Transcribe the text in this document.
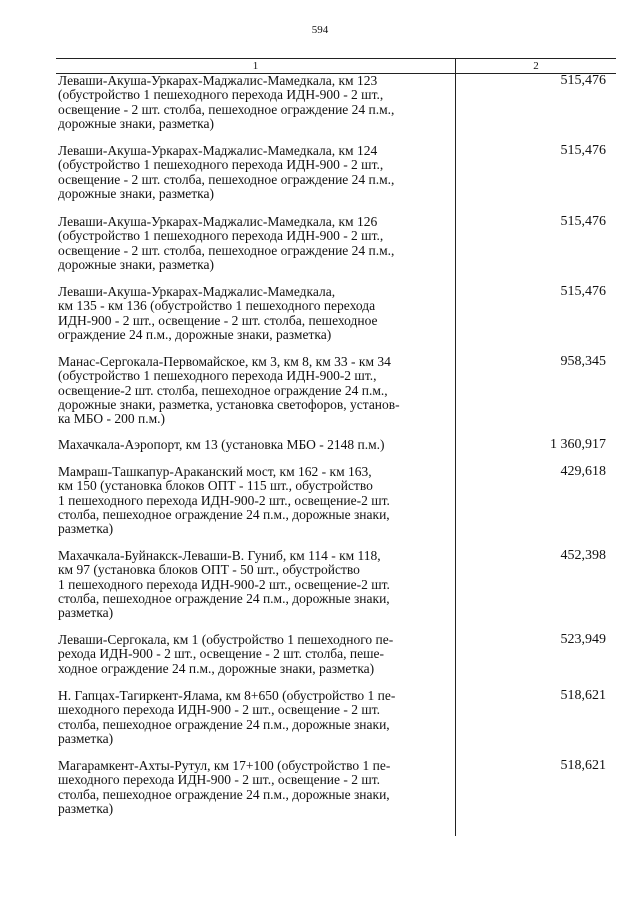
594
1	2
Леваши-Акуша-Уркарах-Маджалис-Мамедкала, км 123
(обустройство 1 пешеходного перехода ИДН-900 - 2 шт.,
освещение - 2 шт. столба, пешеходное ограждение 24 п.м.,
дорожные знаки, разметка)
515,476
Леваши-Акуша-Уркарах-Маджалис-Мамедкала, км 124
(обустройство 1 пешеходного перехода ИДН-900 - 2 шт.,
освещение - 2 шт. столба, пешеходное ограждение 24 п.м.,
дорожные знаки, разметка)
515,476
Леваши-Акуша-Уркарах-Маджалис-Мамедкала, км 126
(обустройство 1 пешеходного перехода ИДН-900 - 2 шт.,
освещение - 2 шт. столба, пешеходное ограждение 24 п.м.,
дорожные знаки, разметка)
515,476
Леваши-Акуша-Уркарах-Маджалис-Мамедкала,
км 135 - км 136 (обустройство 1 пешеходного перехода
ИДН-900 - 2 шт., освещение - 2 шт. столба, пешеходное
ограждение 24 п.м., дорожные знаки, разметка)
515,476
Манас-Сергокала-Первомайское, км 3, км 8, км 33 - км 34
(обустройство 1 пешеходного перехода ИДН-900-2 шт.,
освещение-2 шт. столба, пешеходное ограждение 24 п.м.,
дорожные знаки, разметка, установка светофоров, установ-
ка МБО - 200 п.м.)
958,345
Махачкала-Аэропорт, км 13 (установка МБО - 2148 п.м.)	1 360,917
Мамраш-Ташкапур-Араканский мост, км 162 - км 163,
км 150 (установка блоков ОПТ - 115 шт., обустройство
1 пешеходного перехода ИДН-900-2 шт., освещение-2 шт.
столба, пешеходное ограждение 24 п.м., дорожные знаки,
разметка)
429,618
Махачкала-Буйнакск-Леваши-В. Гуниб, км 114 - км 118,
км 97 (установка блоков ОПТ - 50 шт., обустройство
1 пешеходного перехода ИДН-900-2 шт., освещение-2 шт.
столба, пешеходное ограждение 24 п.м., дорожные знаки,
разметка)
452,398
Леваши-Сергокала, км 1 (обустройство 1 пешеходного пе-
рехода ИДН-900 - 2 шт., освещение - 2 шт. столба, пеше-
ходное ограждение 24 п.м., дорожные знаки, разметка)
523,949
Н. Гапцах-Тагиркент-Ялама, км 8+650 (обустройство 1 пе-
шеходного перехода ИДН-900 - 2 шт., освещение - 2 шт.
столба, пешеходное ограждение 24 п.м., дорожные знаки,
разметка)
518,621
Магарамкент-Ахты-Рутул, км 17+100 (обустройство 1 пе-
шеходного перехода ИДН-900 - 2 шт., освещение - 2 шт.
столба, пешеходное ограждение 24 п.м., дорожные знаки,
разметка)
518,621
